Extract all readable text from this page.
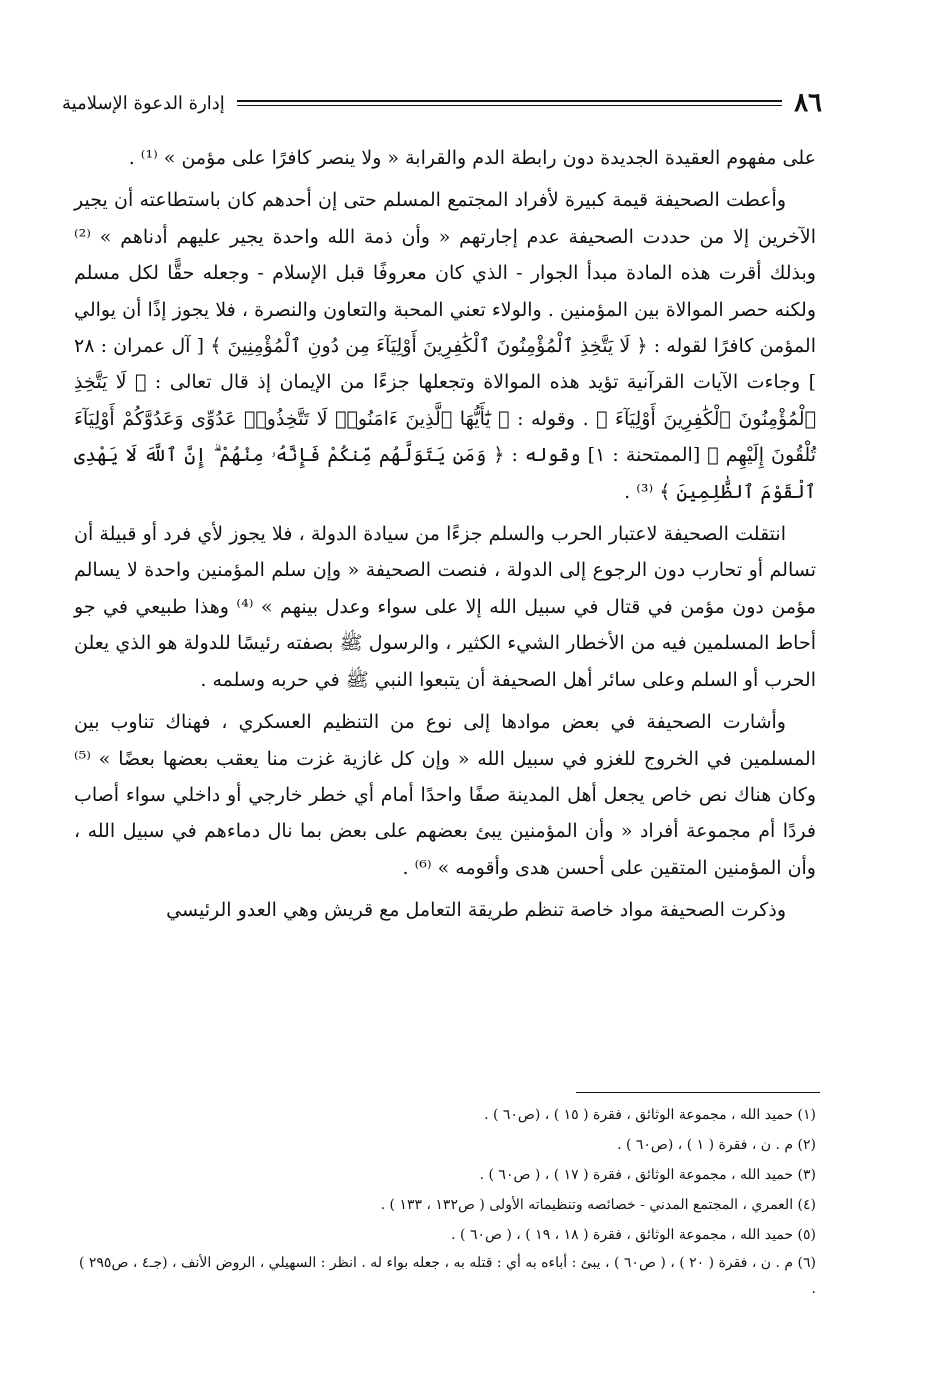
٨٦
إدارة الدعوة الإسلامية

على مفهوم العقيدة الجديدة دون رابطة الدم والقرابة « ولا ينصر كافرًا على مؤمن » ⁽¹⁾ .

وأعطت الصحيفة قيمة كبيرة لأفراد المجتمع المسلم حتى إن أحدهم كان باستطاعته أن يجير الآخرين إلا من حددت الصحيفة عدم إجارتهم « وأن ذمة الله واحدة يجير عليهم أدناهم » ⁽²⁾ وبذلك أقرت هذه المادة مبدأ الجوار - الذي كان معروفًا قبل الإسلام - وجعله حقًّا لكل مسلم ولكنه حصر الموالاة بين المؤمنين . والولاء تعني المحبة والتعاون والنصرة ، فلا يجوز إذًا أن يوالي المؤمن كافرًا لقوله : ﴿ لَا يَتَّخِذِ ٱلْمُؤْمِنُونَ ٱلْكَٰفِرِينَ أَوْلِيَآءَ مِن دُونِ ٱلْمُؤْمِنِينَ ﴾ [ آل عمران : ٢٨ ] وجاءت الآيات القرآنية تؤيد هذه الموالاة وتجعلها جزءًا من الإيمان إذ قال تعالى : ﴿ لَا يَتَّخِذِ ٱلْمُؤْمِنُونَ ٱلْكَٰفِرِينَ أَوْلِيَآءَ ﴾ . وقوله : ﴿ يَٰٓأَيُّهَا ٱلَّذِينَ ءَامَنُوا۟ لَا تَتَّخِذُوا۟ عَدُوِّى وَعَدُوَّكُمْ أَوْلِيَآءَ تُلْقُونَ إِلَيْهِم ﴾ [الممتحنة : ١] وقوله : ﴿ وَمَن يَتَوَلَّهُم مِّنكُمْ فَإِنَّهُۥ مِنْهُمْ ۗ إِنَّ ٱللَّهَ لَا يَهْدِى ٱلْقَوْمَ ٱلظَّٰلِمِينَ ﴾ ⁽³⁾ .

انتقلت الصحيفة لاعتبار الحرب والسلم جزءًا من سيادة الدولة ، فلا يجوز لأي فرد أو قبيلة أن تسالم أو تحارب دون الرجوع إلى الدولة ، فنصت الصحيفة « وإن سلم المؤمنين واحدة لا يسالم مؤمن دون مؤمن في قتال في سبيل الله إلا على سواء وعدل بينهم » ⁽⁴⁾ وهذا طبيعي في جو أحاط المسلمين فيه من الأخطار الشيء الكثير ، والرسول ﷺ بصفته رئيسًا للدولة هو الذي يعلن الحرب أو السلم وعلى سائر أهل الصحيفة أن يتبعوا النبي ﷺ في حربه وسلمه .

وأشارت الصحيفة في بعض موادها إلى نوع من التنظيم العسكري ، فهناك تناوب بين المسلمين في الخروج للغزو في سبيل الله « وإن كل غازية غزت منا يعقب بعضها بعضًا » ⁽⁵⁾ وكان هناك نص خاص يجعل أهل المدينة صفًا واحدًا أمام أي خطر خارجي أو داخلي سواء أصاب فردًا أم مجموعة أفراد « وأن المؤمنين يبئ بعضهم على بعض بما نال دماءهم في سبيل الله ، وأن المؤمنين المتقين على أحسن هدى وأقومه » ⁽⁶⁾ .

وذكرت الصحيفة مواد خاصة تنظم طريقة التعامل مع قريش وهي العدو الرئيسي

(١) حميد الله ، مجموعة الوثائق ، فقرة ( ١٥ ) ، (ص٦٠ ) .

(٢) م . ن ، فقرة ( ١ ) ، (ص٦٠ ) .

(٣) حميد الله ، مجموعة الوثائق ، فقرة ( ١٧ ) ، ( ص٦٠ ) .

(٤) العمري ، المجتمع المدني - خصائصه وتنظيماته الأولى ( ص١٣٢ ، ١٣٣ ) .

(٥) حميد الله ، مجموعة الوثائق ، فقرة ( ١٨ ، ١٩ ) ، ( ص٦٠ ) .

(٦) م . ن ، فقرة ( ٢٠ ) ، ( ص٦٠ ) ، يبئ : أباءه به أي : قتله به ، جعله بواء له . انظر : السهيلي ، الروض الأنف ، (جـ٤ ، ص٢٩٥ ) .
